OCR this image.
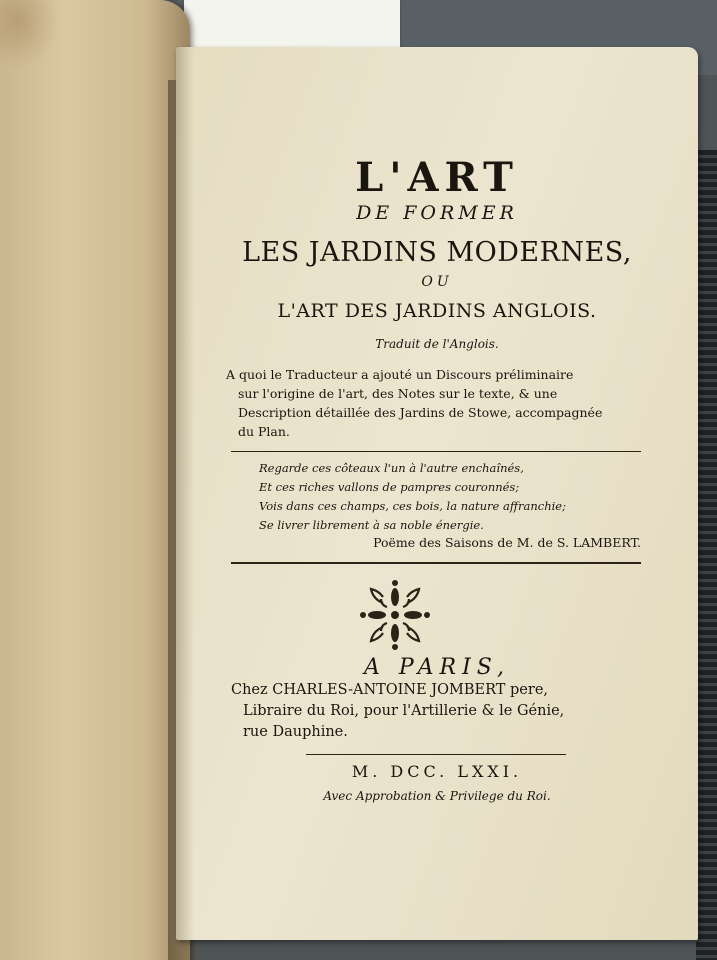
L'ART
DE FORMER
LES JARDINS MODERNES,
OU
L'ART DES JARDINS ANGLOIS.
Traduit de l'Anglois.
A quoi le Traducteur a ajouté un Discours préliminaire
sur l'origine de l'art, des Notes sur le texte, & une
Description détaillée des Jardins de Stowe, accompagnée
du Plan.
Regarde ces côteaux l'un à l'autre enchaînés,
Et ces riches vallons de pampres couronnés;
Vois dans ces champs, ces bois, la nature affranchie;
Se livrer librement à sa noble énergie.
Poëme des Saisons de M. de S. LAMBERT.
A PARIS,
Chez CHARLES-ANTOINE JOMBERT pere,
Libraire du Roi, pour l'Artillerie & le Génie,
rue Dauphine.
M. DCC. LXXI.
Avec Approbation & Privilege du Roi.
